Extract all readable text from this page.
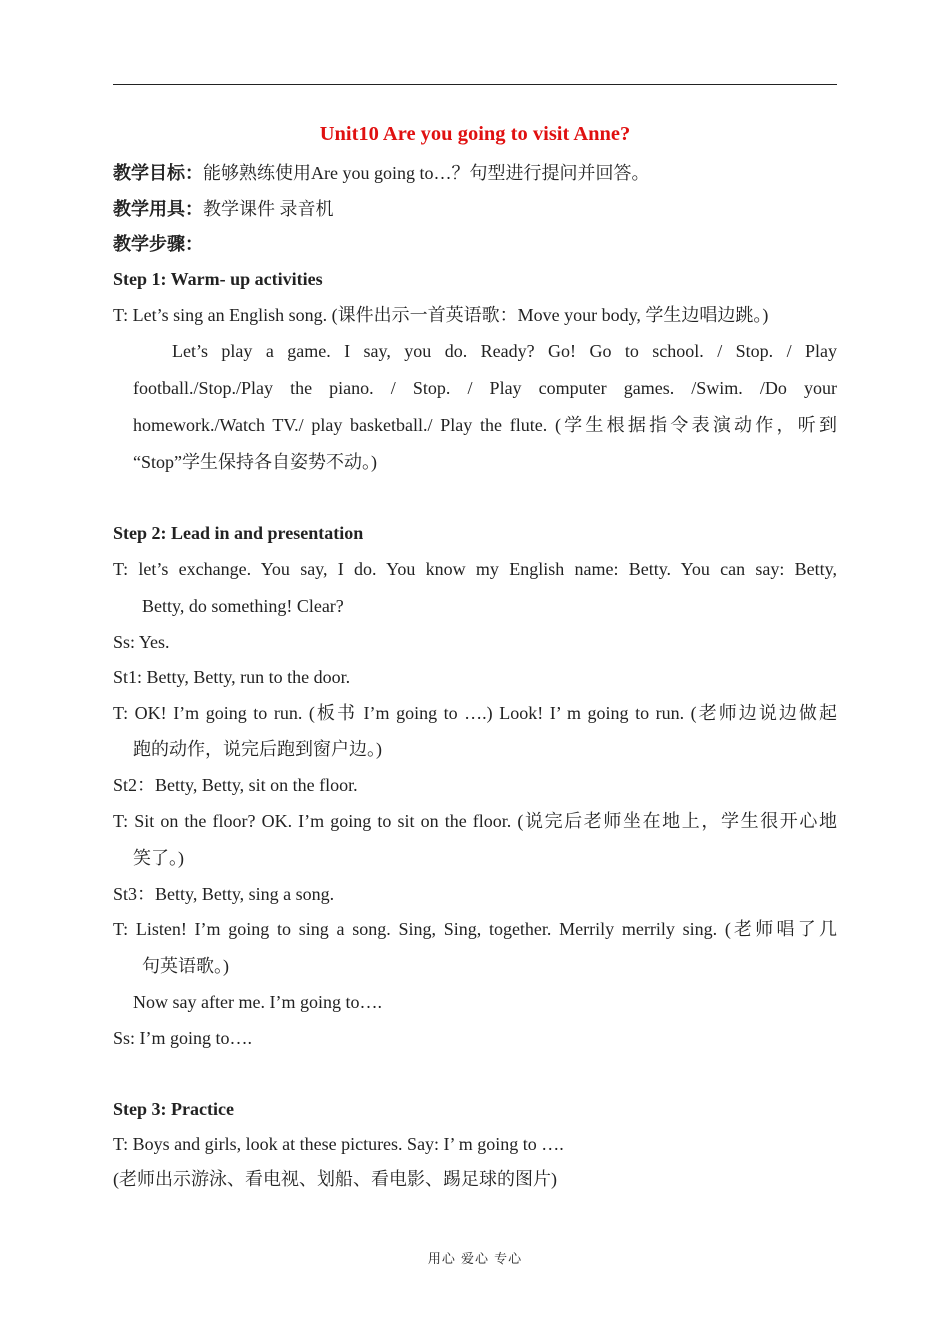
Unit10 Are you going to visit Anne?
教学目标：能够熟练使用Are you going to…？句型进行提问并回答。
教学用具：教学课件 录音机
教学步骤：
Step 1: Warm- up activities
T: Let’s sing an English song. (课件出示一首英语歌：Move your body, 学生边唱边跳。)
Let’s play a game. I say, you do. Ready? Go! Go to school. / Stop. / Play
football./Stop./Play the piano. / Stop. / Play computer games. /Swim. /Do your
homework./Watch TV./ play basketball./ Play the flute. (学生根据指令表演动作，听到
“Stop”学生保持各自姿势不动。)
Step 2: Lead in and presentation
T: let’s exchange. You say, I do. You know my English name: Betty. You can say: Betty,
Betty, do something! Clear?
Ss: Yes.
St1: Betty, Betty, run to the door.
T: OK! I’m going to run. (板书 I’m going to ….) Look! I’ m going to run. (老师边说边做起
跑的动作，说完后跑到窗户边。)
St2：Betty, Betty, sit on the floor.
T: Sit on the floor? OK. I’m going to sit on the floor. (说完后老师坐在地上，学生很开心地
笑了。)
St3：Betty, Betty, sing a song.
T: Listen! I’m going to sing a song. Sing, Sing, together. Merrily merrily sing. (老师唱了几
句英语歌。)
Now say after me. I’m going to….
Ss: I’m going to….
Step 3: Practice
T: Boys and girls, look at these pictures. Say: I’ m going to ….
(老师出示游泳、看电视、划船、看电影、踢足球的图片)
用心 爱心 专心
